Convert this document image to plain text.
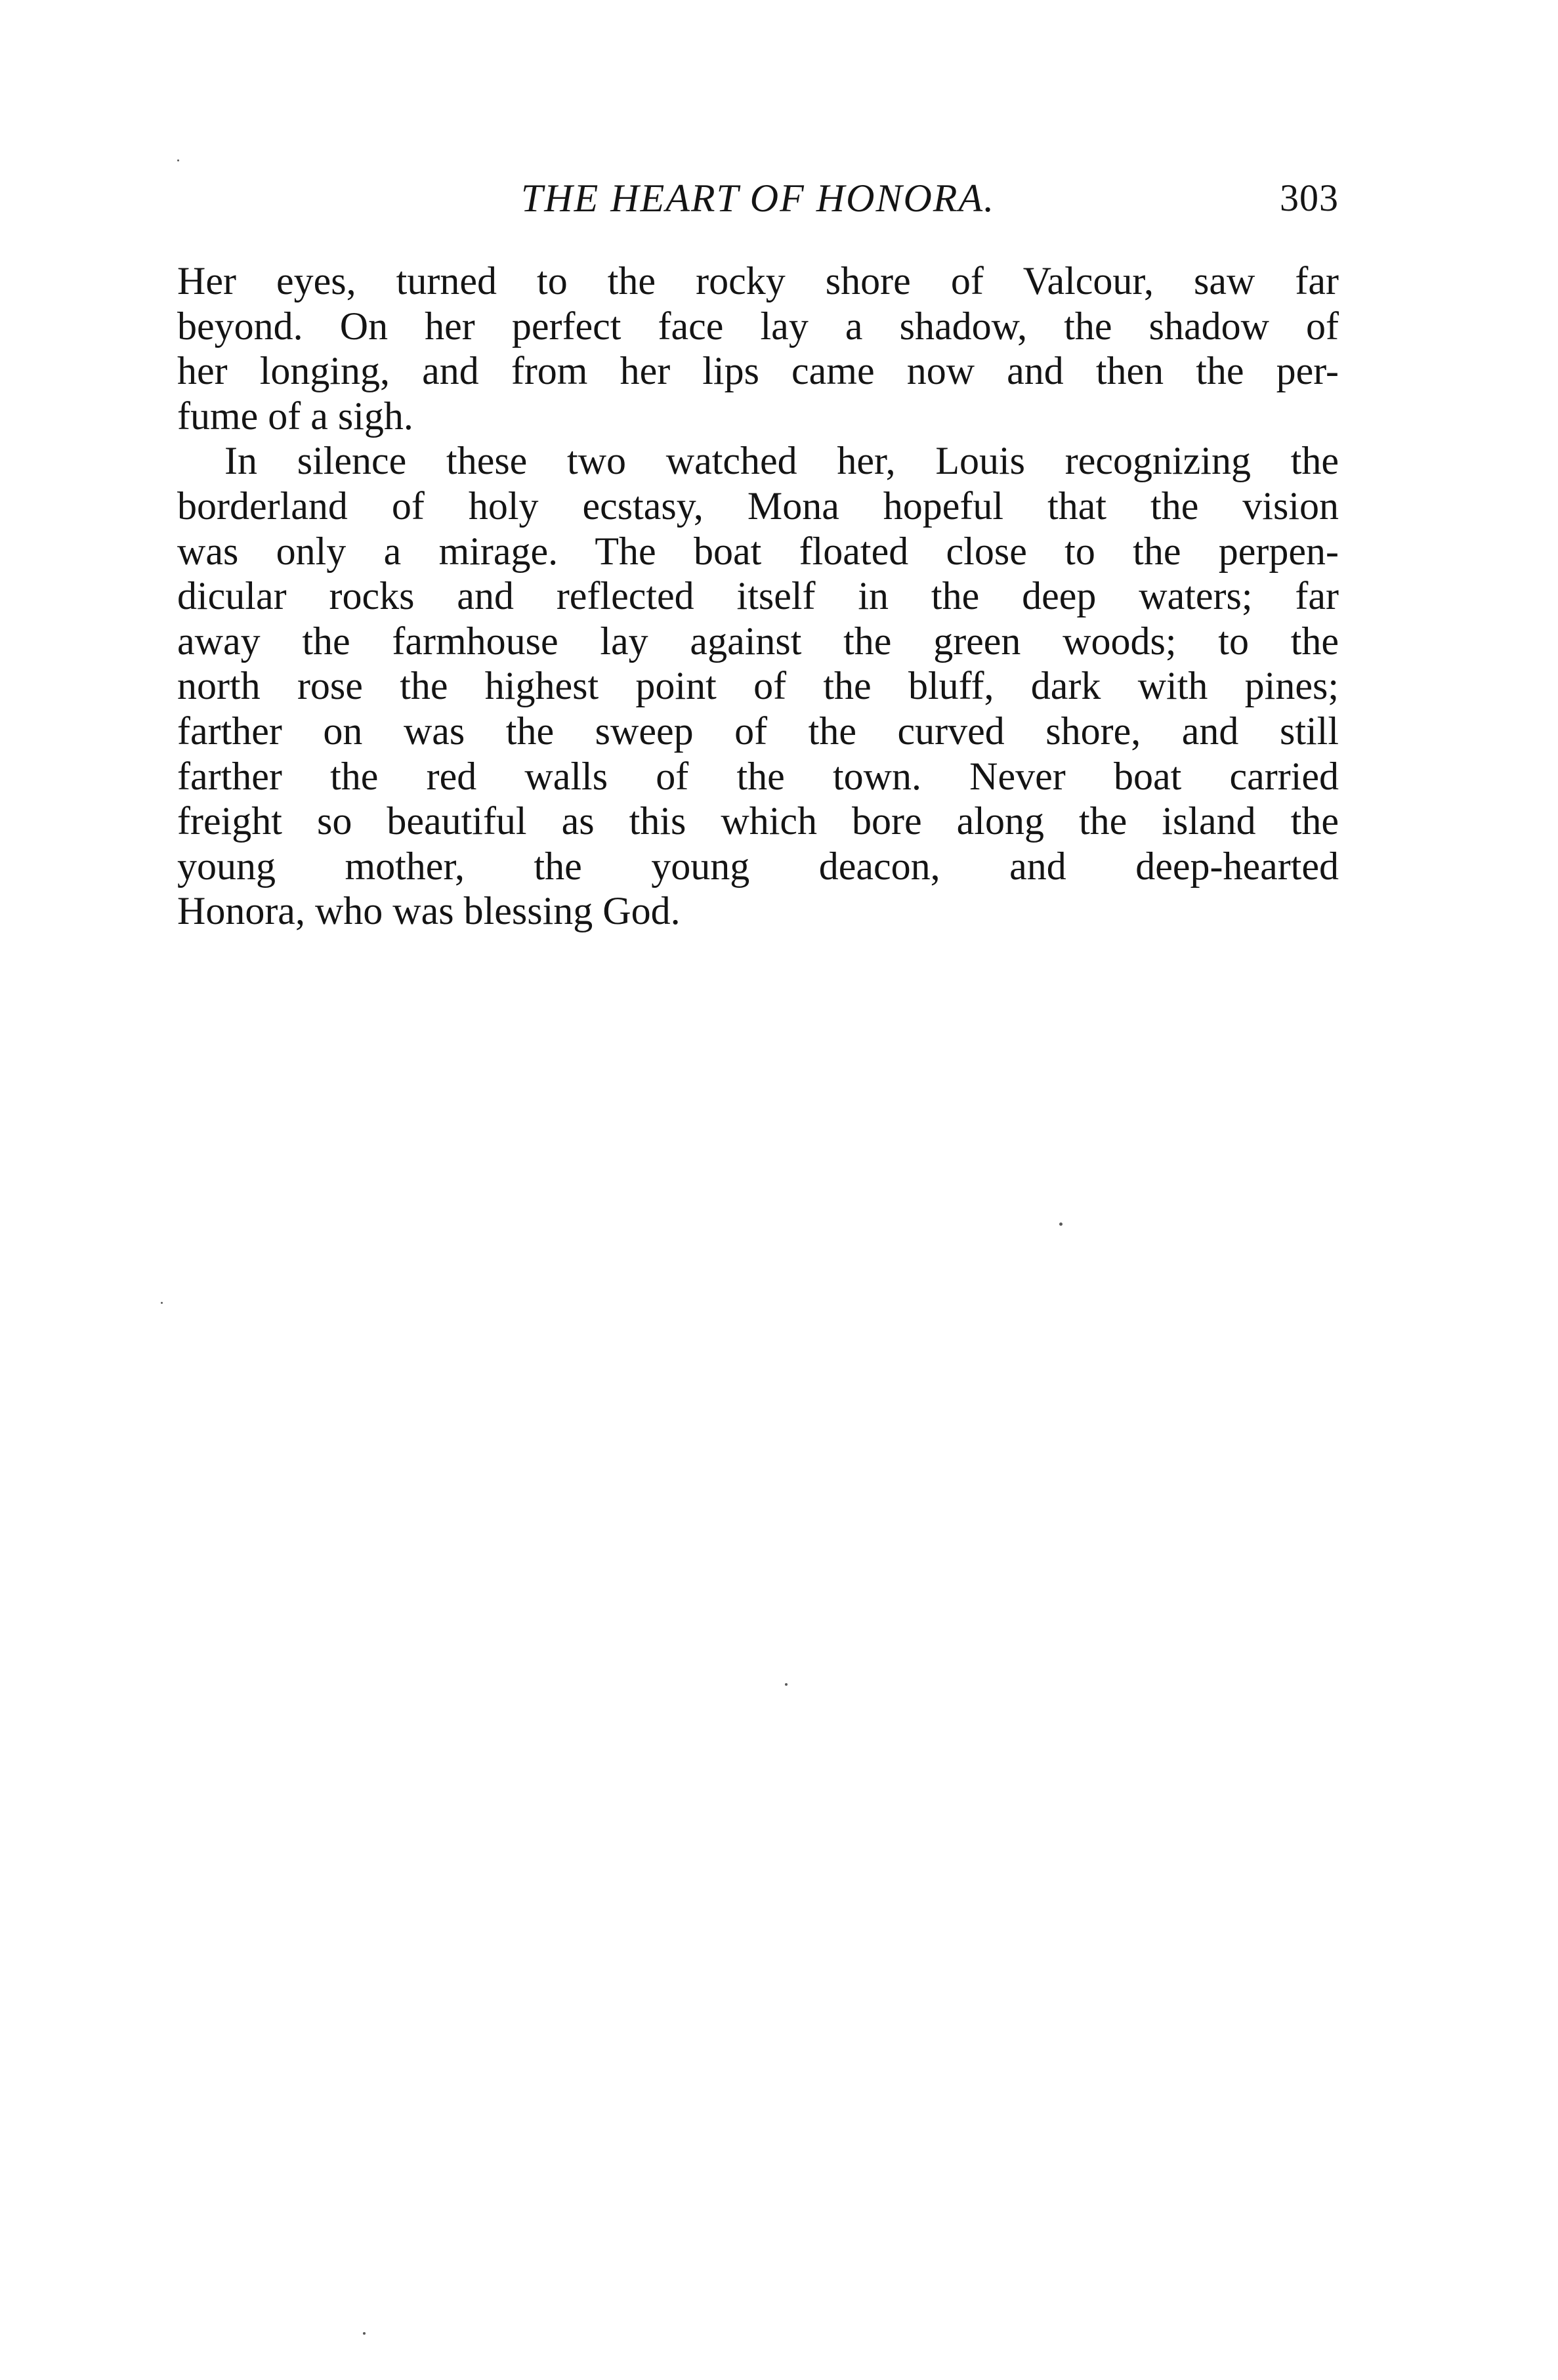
THE HEART OF HONORA.	303
Her eyes, turned to the rocky shore of Valcour, saw far
beyond. On her perfect face lay a shadow, the shadow of
her longing, and from her lips came now and then the per-
fume of a sigh.
In silence these two watched her, Louis recognizing the
borderland of holy ecstasy, Mona hopeful that the vision
was only a mirage. The boat floated close to the perpen-
dicular rocks and reflected itself in the deep waters; far
away the farmhouse lay against the green woods; to the
north rose the highest point of the bluff, dark with pines;
farther on was the sweep of the curved shore, and still
farther the red walls of the town. Never boat carried
freight so beautiful as this which bore along the island the
young mother, the young deacon, and deep-hearted
Honora, who was blessing God.
